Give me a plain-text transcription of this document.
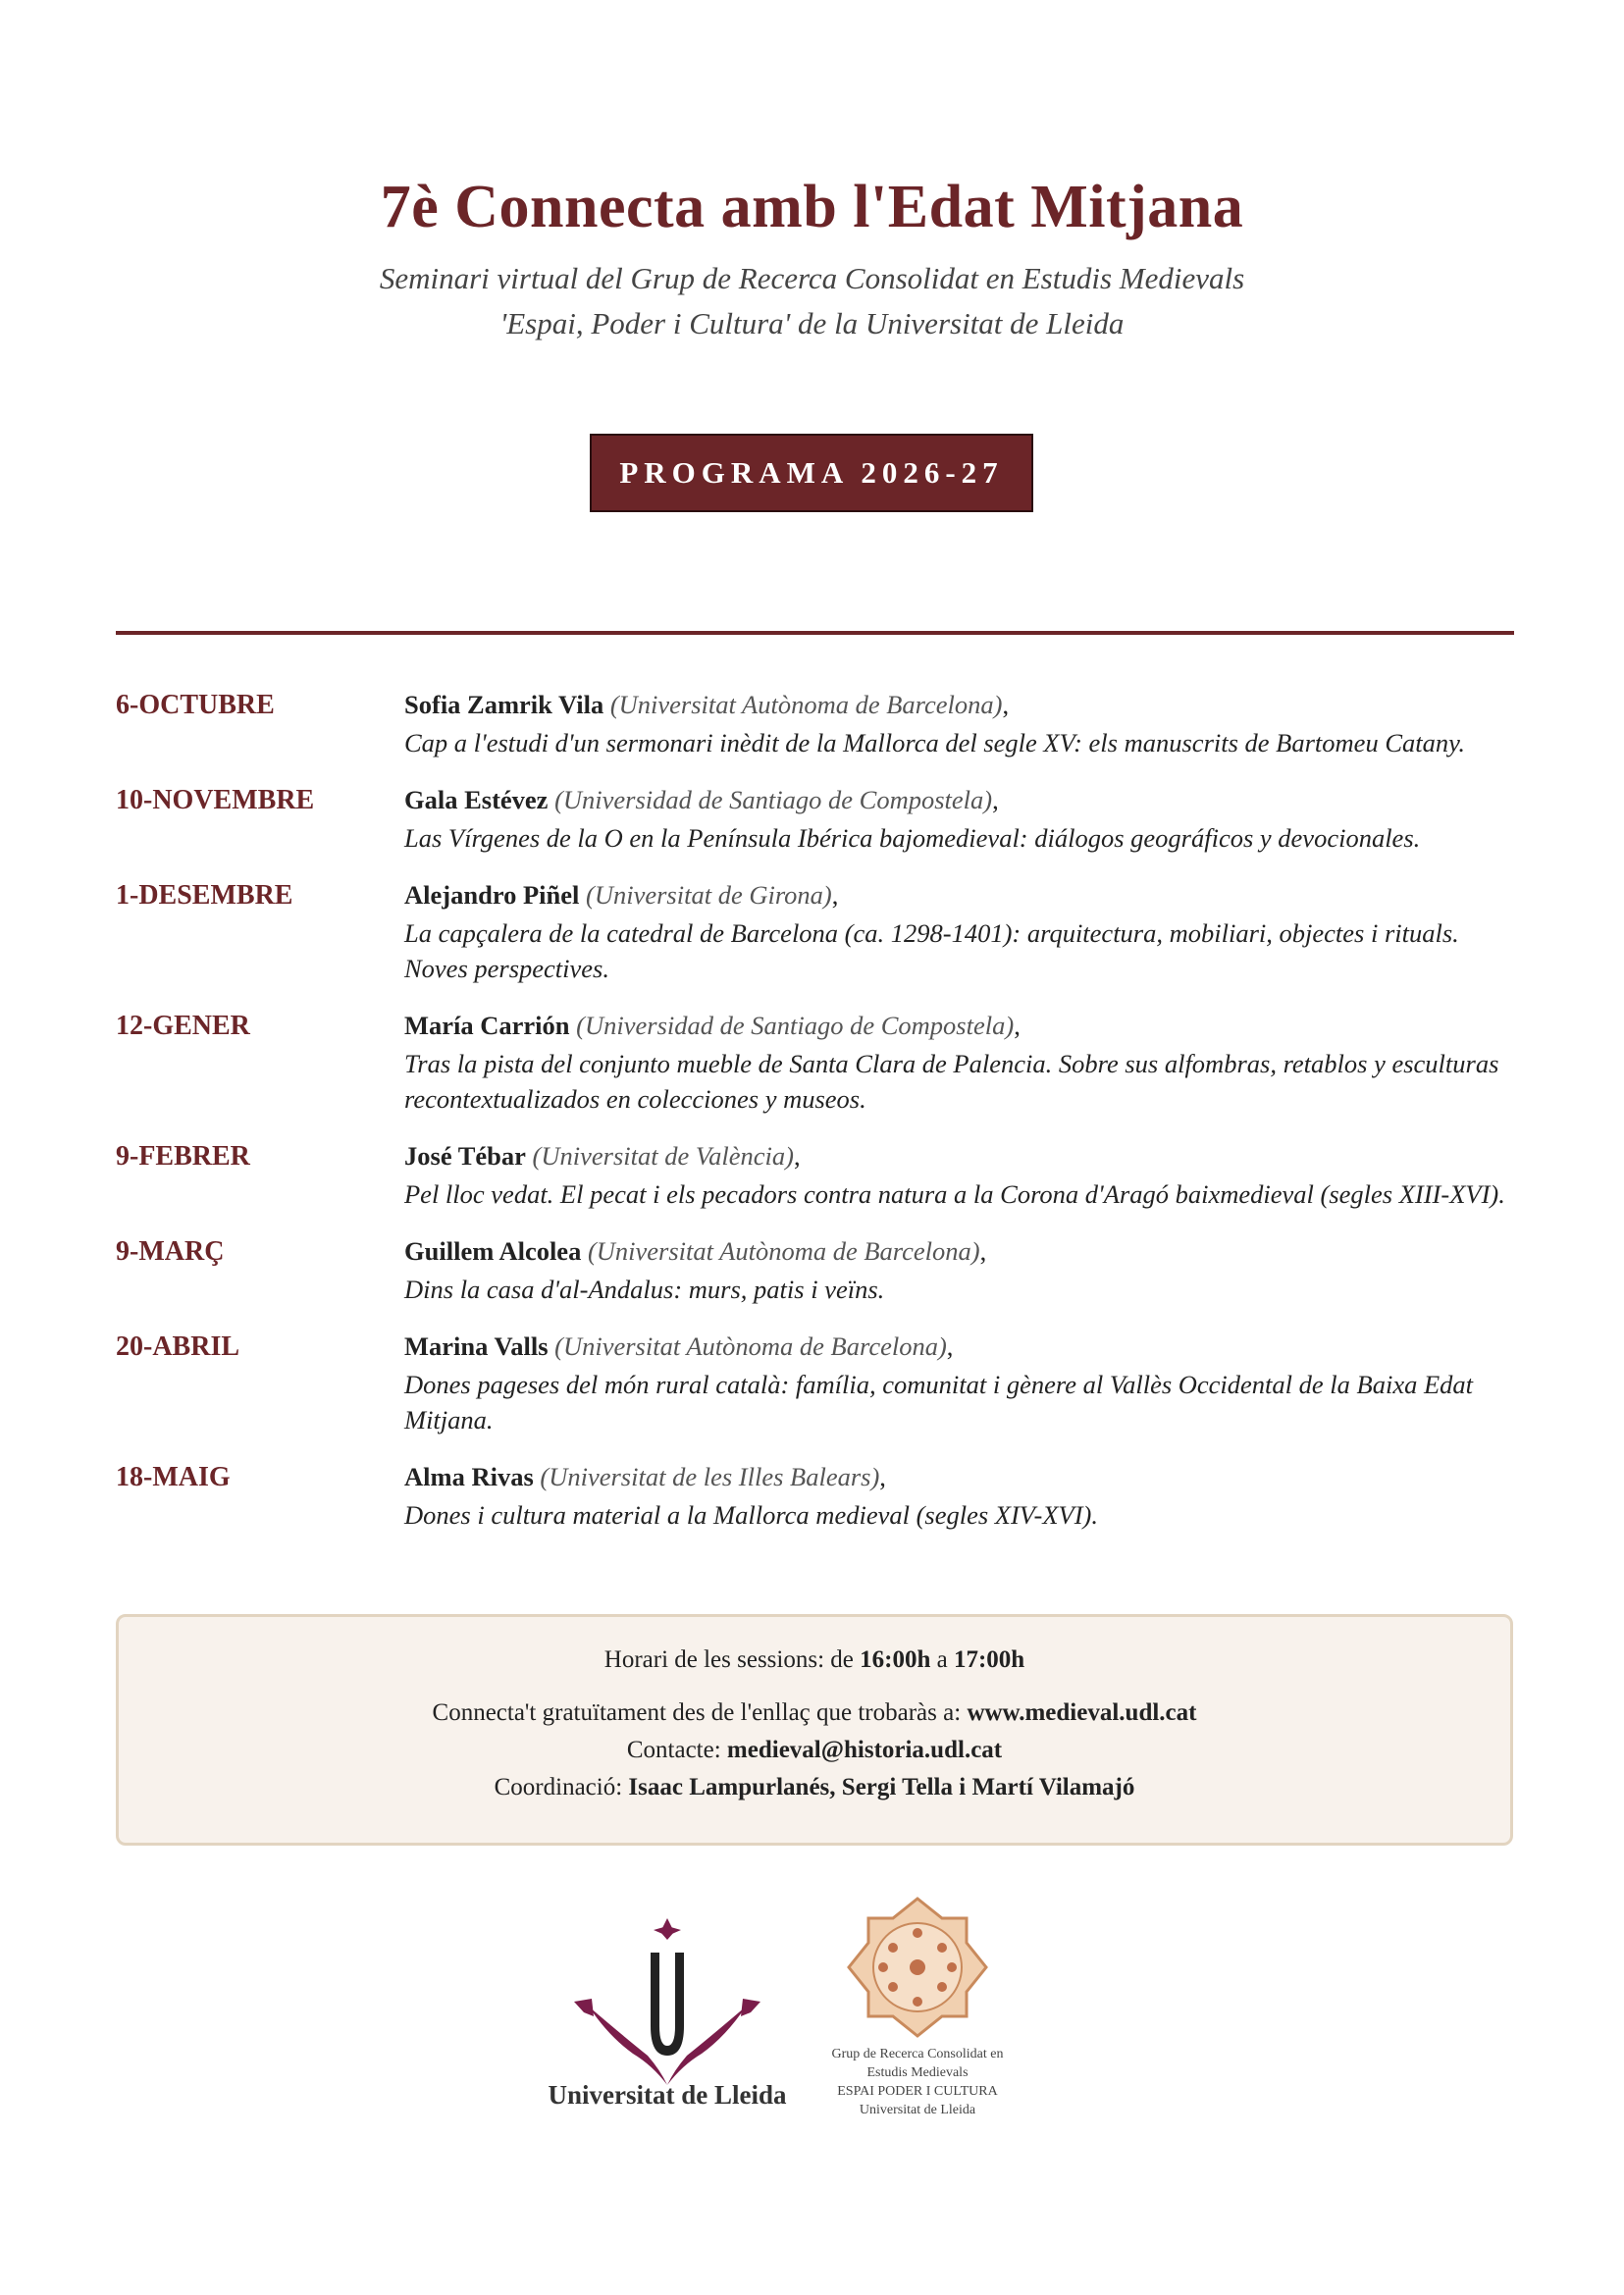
7è Connecta amb l'Edat Mitjana
Seminari virtual del Grup de Recerca Consolidat en Estudis Medievals
'Espai, Poder i Cultura' de la Universitat de Lleida
PROGRAMA 2026-27
6-OCTUBRE	Sofia Zamrik Vila (Universitat Autònoma de Barcelona),
Cap a l'estudi d'un sermonari inèdit de la Mallorca del segle XV: els manuscrits de Bartomeu Catany.
10-NOVEMBRE	Gala Estévez (Universidad de Santiago de Compostela),
Las Vírgenes de la O en la Península Ibérica bajomedieval: diálogos geográficos y devocionales.
1-DESEMBRE	Alejandro Piñel (Universitat de Girona),
La capçalera de la catedral de Barcelona (ca. 1298-1401): arquitectura, mobiliari, objectes i rituals. Noves perspectives.
12-GENER	María Carrión (Universidad de Santiago de Compostela),
Tras la pista del conjunto mueble de Santa Clara de Palencia. Sobre sus alfombras, retablos y esculturas recontextualizados en colecciones y museos.
9-FEBRER	José Tébar (Universitat de València),
Pel lloc vedat. El pecat i els pecadors contra natura a la Corona d'Aragó baixmedieval (segles XIII-XVI).
9-MARÇ	Guillem Alcolea (Universitat Autònoma de Barcelona),
Dins la casa d'al-Andalus: murs, patis i veïns.
20-ABRIL	Marina Valls (Universitat Autònoma de Barcelona),
Dones pageses del món rural català: família, comunitat i gènere al Vallès Occidental de la Baixa Edat Mitjana.
18-MAIG	Alma Rivas (Universitat de les Illes Balears),
Dones i cultura material a la Mallorca medieval (segles XIV-XVI).
Horari de les sessions: de 16:00h a 17:00h
Connecta't gratuïtament des de l'enllaç que trobaràs a: www.medieval.udl.cat
Contacte: medieval@historia.udl.cat
Coordinació: Isaac Lampurlanés, Sergi Tella i Martí Vilamajó
Universitat de Lleida
Grup de Recerca Consolidat en
Estudis Medievals
ESPAI PODER I CULTURA
Universitat de Lleida
